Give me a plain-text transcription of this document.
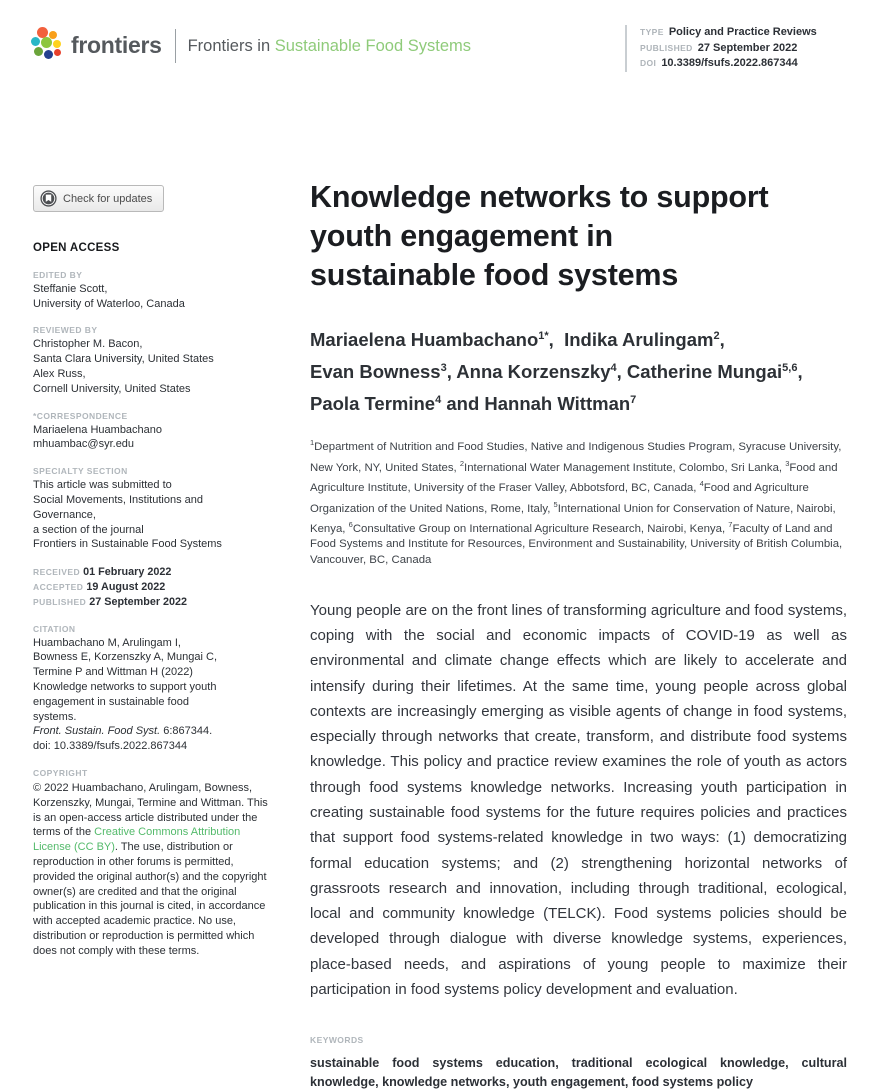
frontiers Frontiers in Sustainable Food Systems
TYPE Policy and Practice Reviews
PUBLISHED 27 September 2022
DOI 10.3389/fsufs.2022.867344
Check for updates
OPEN ACCESS
EDITED BY
Steffanie Scott,
University of Waterloo, Canada
REVIEWED BY
Christopher M. Bacon,
Santa Clara University, United States
Alex Russ,
Cornell University, United States
*CORRESPONDENCE
Mariaelena Huambachano
mhuambac@syr.edu
SPECIALTY SECTION
This article was submitted to
Social Movements, Institutions and
Governance,
a section of the journal
Frontiers in Sustainable Food Systems
RECEIVED 01 February 2022
ACCEPTED 19 August 2022
PUBLISHED 27 September 2022
CITATION
Huambachano M, Arulingam I,
Bowness E, Korzenszky A, Mungai C,
Termine P and Wittman H (2022)
Knowledge networks to support youth
engagement in sustainable food
systems.
Front. Sustain. Food Syst. 6:867344.
doi: 10.3389/fsufs.2022.867344
COPYRIGHT

© 2022 Huambachano, Arulingam, Bowness, Korzenszky, Mungai, Termine and Wittman. This is an open-access article distributed under the terms of the Creative Commons Attribution License (CC BY). The use, distribution or reproduction in other forums is permitted, provided the original author(s) and the copyright owner(s) are credited and that the original publication in this journal is cited, in accordance with accepted academic practice. No use, distribution or reproduction is permitted which does not comply with these terms.

Knowledge networks to support
youth engagement in
sustainable food systems
Mariaelena Huambachano$^{1*}$,  Indika Arulingam$^2$,
Evan Bowness$^3$, Anna Korzenszky$^4$, Catherine Mungai$^{5,6}$,
Paola Termine$^4$ and Hannah Wittman$^7$

$^1$Department of Nutrition and Food Studies, Native and Indigenous Studies Program, Syracuse University, New York, NY, United States, $^2$International Water Management Institute, Colombo, Sri Lanka, $^3$Food and Agriculture Institute, University of the Fraser Valley, Abbotsford, BC, Canada, $^4$Food and Agriculture Organization of the United Nations, Rome, Italy, $^5$International Union for Conservation of Nature, Nairobi, Kenya, $^6$Consultative Group on International Agriculture Research, Nairobi, Kenya, $^7$Faculty of Land and Food Systems and Institute for Resources, Environment and Sustainability, University of British Columbia, Vancouver, BC, Canada

Young people are on the front lines of transforming agriculture and food systems, coping with the social and economic impacts of COVID-19 as well as environmental and climate change effects which are likely to accelerate and intensify during their lifetimes. At the same time, young people across global contexts are increasingly emerging as visible agents of change in food systems, especially through networks that create, transform, and distribute food systems knowledge. This policy and practice review examines the role of youth as actors through food systems knowledge networks. Increasing youth participation in creating sustainable food systems for the future requires policies and practices that support food systems-related knowledge in two ways: (1) democratizing formal education systems; and (2) strengthening horizontal networks of grassroots research and innovation, including through traditional, ecological, local and community knowledge (TELCK). Food systems policies should be developed through dialogue with diverse knowledge systems, experiences, place-based needs, and aspirations of young people to maximize their participation in food systems policy development and evaluation.

KEYWORDS

sustainable food systems education, traditional ecological knowledge, cultural knowledge, knowledge networks, youth engagement, food systems policy
